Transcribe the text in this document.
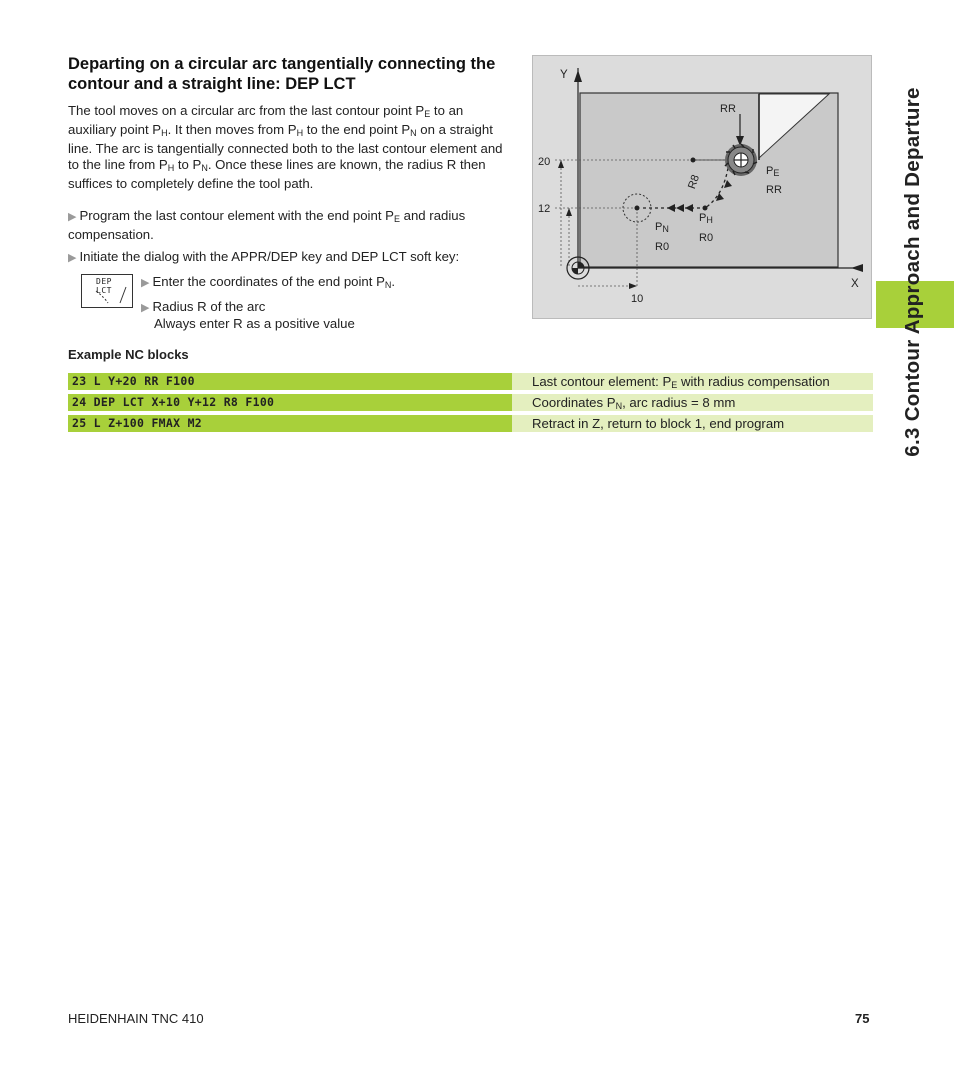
Departing on a circular arc tangentially connecting the contour and a straight line: DEP LCT
The tool moves on a circular arc from the last contour point $P_E$ to an auxiliary point $P_H$. It then moves from $P_H$ to the end point $P_N$ on a straight line. The arc is tangentially connected both to the last contour element and to the line from $P_H$ to $P_N$. Once these lines are known, the radius R then suffices to completely define the tool path.
▶ Program the last contour element with the end point $P_E$ and radius compensation.
▶ Initiate the dialog with the APPR/DEP key and DEP LCT soft key:
DEP LCT
▶ Enter the coordinates of the end point $P_N$.
▶ Radius R of the arc
Always enter R as a positive value
Y
X
20
12
10
RR
R8
$P_E$
RR
$P_N$
R0
$P_H$
R0	6.3 Contour Approach and Departure
Example NC blocks
23 L Y+20 RR F100	Last contour element: $P_E$ with radius compensation
24 DEP LCT X+10 Y+12 R8 F100	Coordinates $P_N$, arc radius = 8 mm
25 L Z+100 FMAX M2	Retract in Z, return to block 1, end program
HEIDENHAIN TNC 410	75
